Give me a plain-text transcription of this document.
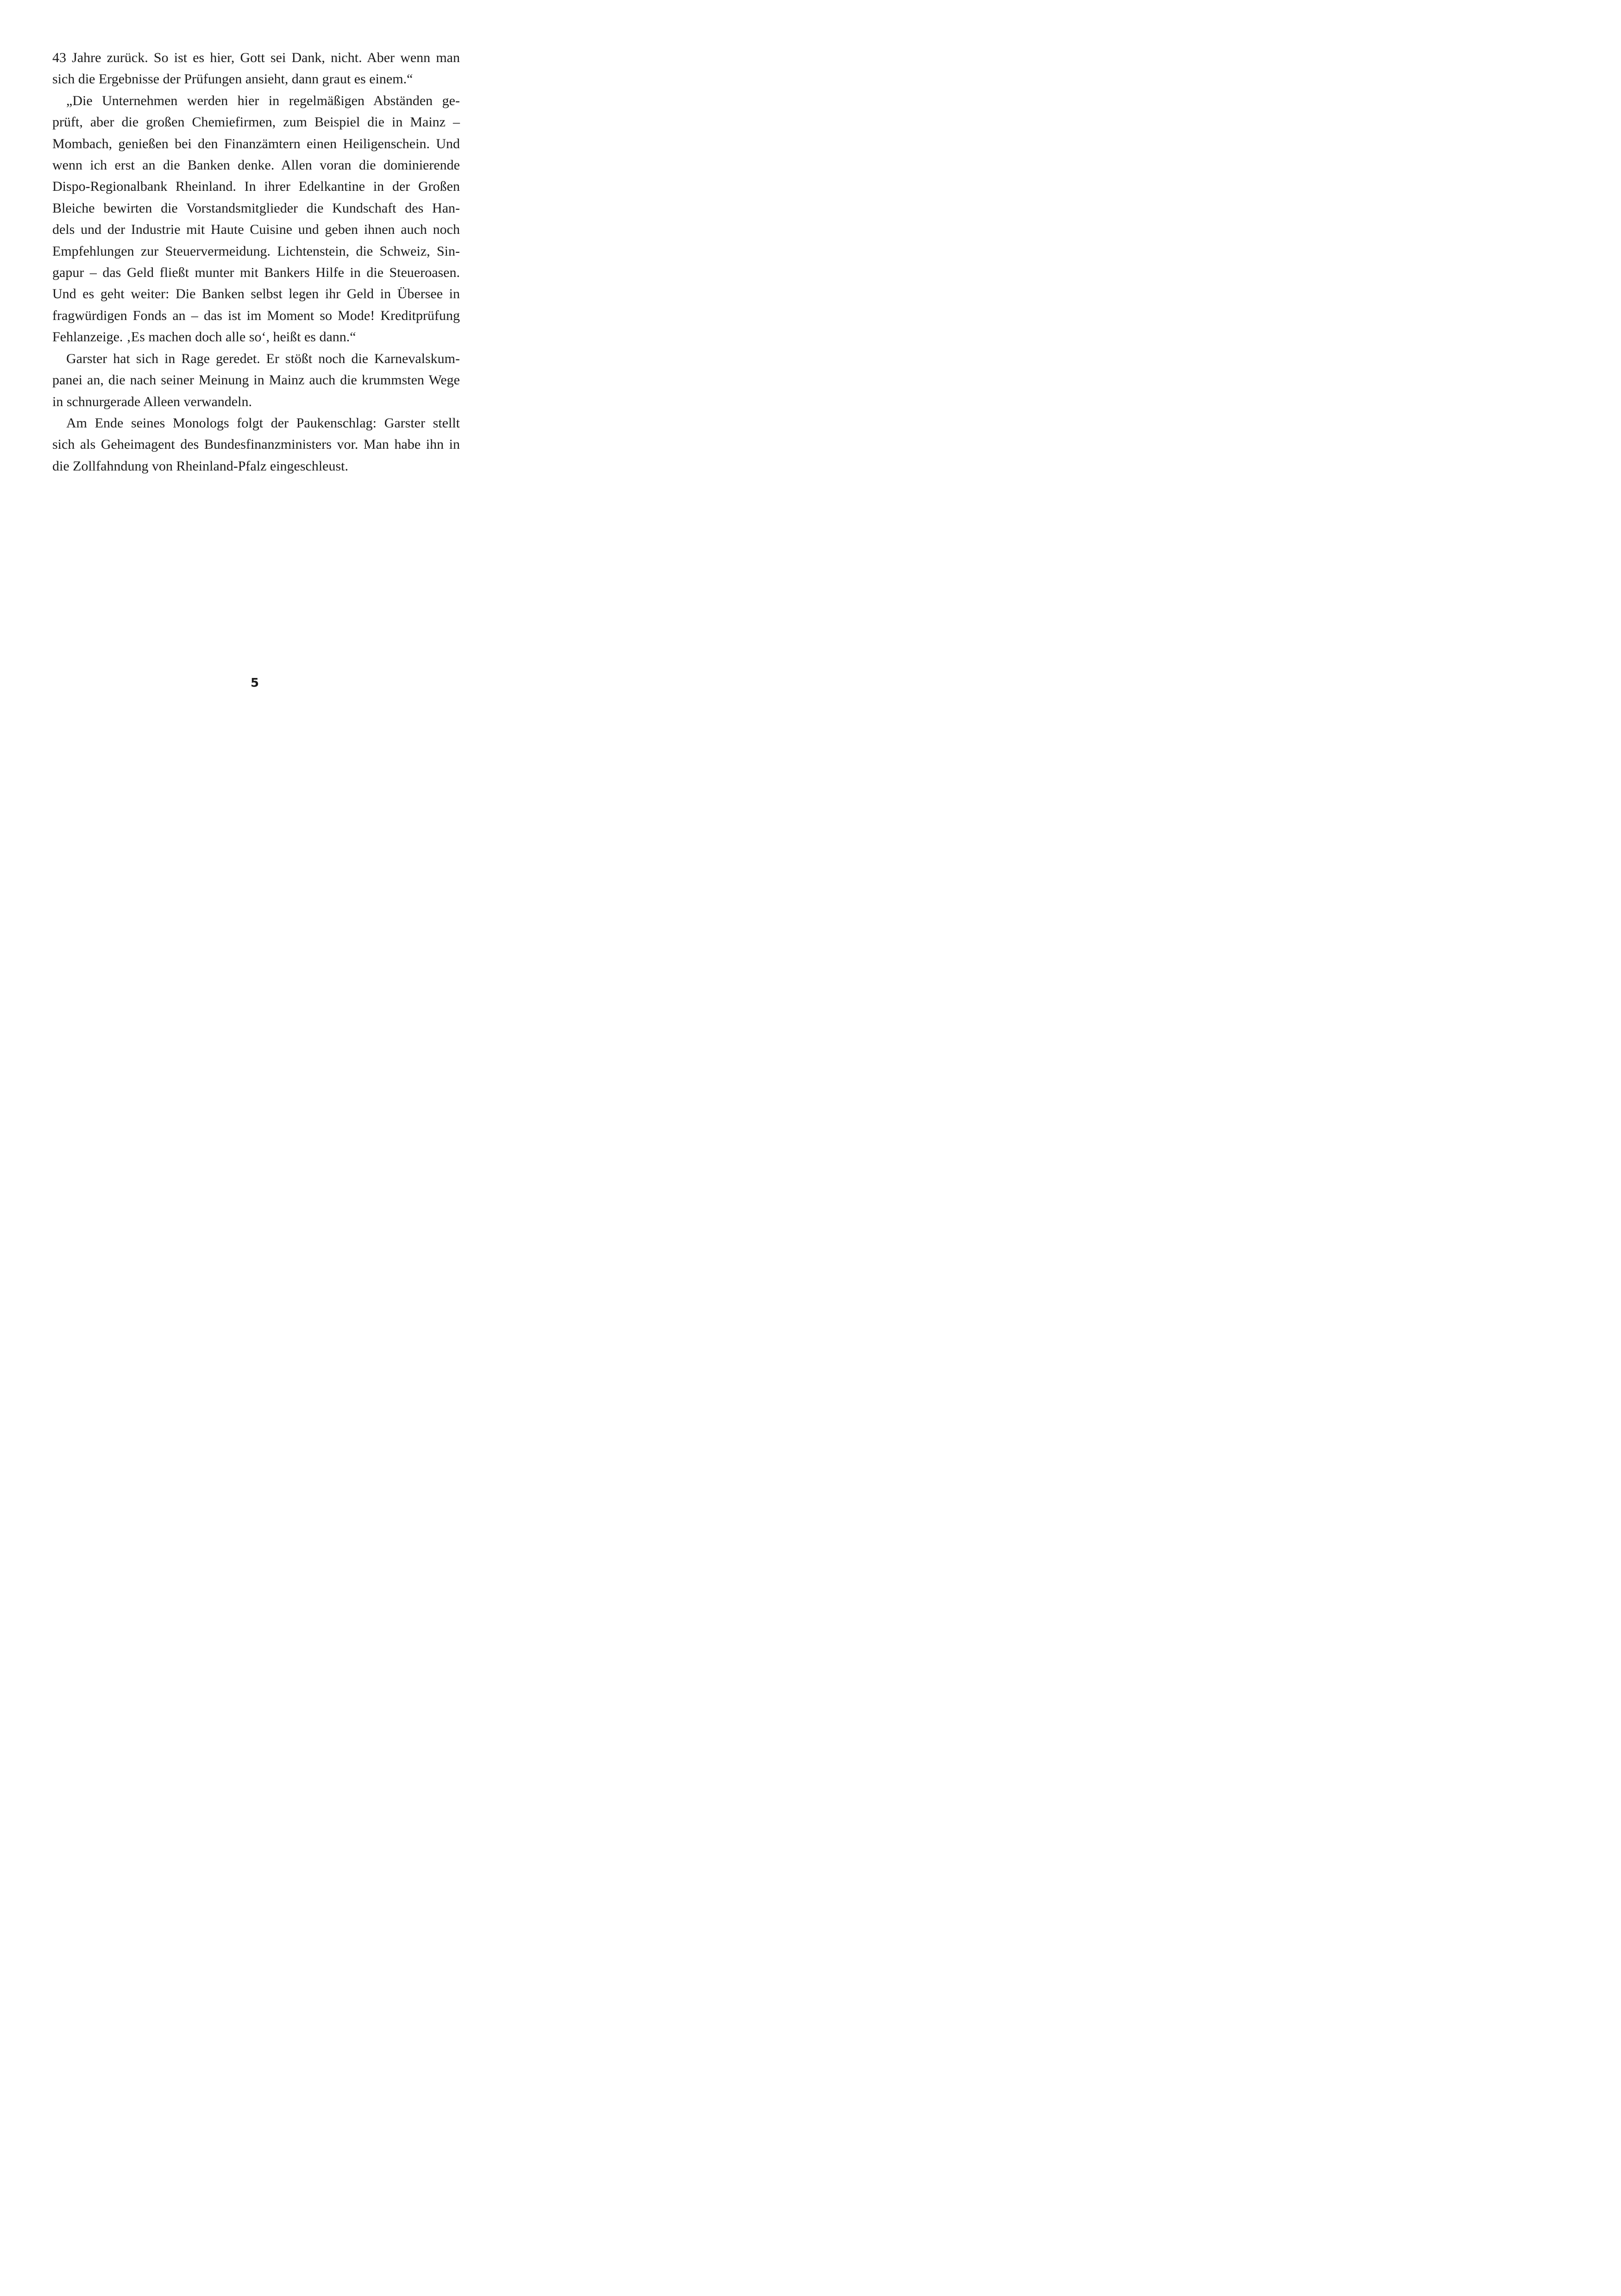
43 Jahre zurück. So ist es hier, Gott sei Dank, nicht. Aber wenn man
sich die Ergebnisse der Prüfungen ansieht, dann graut es einem.“
„Die Unternehmen werden hier in regelmäßigen Abständen ge-
prüft, aber die großen Chemiefirmen, zum Beispiel die in Mainz –
Mombach, genießen bei den Finanzämtern einen Heiligenschein. Und
wenn ich erst an die Banken denke. Allen voran die dominierende
Dispo-Regionalbank Rheinland. In ihrer Edelkantine in der Großen
Bleiche bewirten die Vorstandsmitglieder die Kundschaft des Han-
dels und der Industrie mit Haute Cuisine und geben ihnen auch noch
Empfehlungen zur Steuervermeidung. Lichtenstein, die Schweiz, Sin-
gapur – das Geld fließt munter mit Bankers Hilfe in die Steueroasen.
Und es geht weiter: Die Banken selbst legen ihr Geld in Übersee in
fragwürdigen Fonds an – das ist im Moment so Mode! Kreditprüfung
Fehlanzeige. ‚Es machen doch alle so‘, heißt es dann.“
Garster hat sich in Rage geredet. Er stößt noch die Karnevalskum-
panei an, die nach seiner Meinung in Mainz auch die krummsten Wege
in schnurgerade Alleen verwandeln.
Am Ende seines Monologs folgt der Paukenschlag: Garster stellt
sich als Geheimagent des Bundesfinanzministers vor. Man habe ihn in
die Zollfahndung von Rheinland-Pfalz eingeschleust.
5
